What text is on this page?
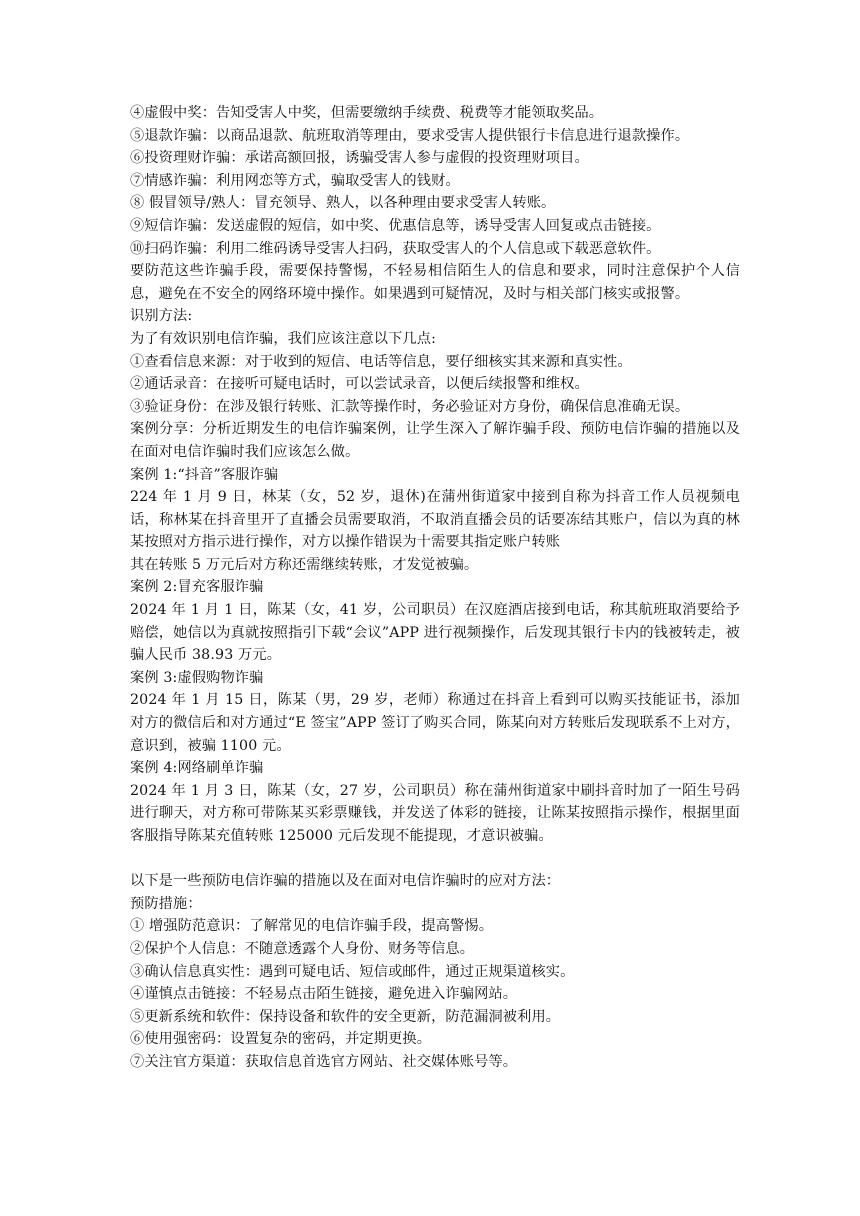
④虚假中奖：告知受害人中奖，但需要缴纳手续费、税费等才能领取奖品。
⑤退款诈骗：以商品退款、航班取消等理由，要求受害人提供银行卡信息进行退款操作。
⑥投资理财诈骗：承诺高额回报，诱骗受害人参与虚假的投资理财项目。
⑦情感诈骗：利用网恋等方式，骗取受害人的钱财。
⑧ 假冒领导/熟人：冒充领导、熟人，以各种理由要求受害人转账。
⑨短信诈骗：发送虚假的短信，如中奖、优惠信息等，诱导受害人回复或点击链接。
⑩扫码诈骗：利用二维码诱导受害人扫码，获取受害人的个人信息或下载恶意软件。

要防范这些诈骗手段，需要保持警惕，不轻易相信陌生人的信息和要求，同时注意保护个人信息，避免在不安全的网络环境中操作。如果遇到可疑情况，及时与相关部门核实或报警。

识别方法:
为了有效识别电信诈骗，我们应该注意以下几点:
①查看信息来源：对于收到的短信、电话等信息，要仔细核实其来源和真实性。
②通话录音：在接听可疑电话时，可以尝试录音，以便后续报警和维权。
③验证身份：在涉及银行转账、汇款等操作时，务必验证对方身份，确保信息准确无误。

案例分享：分析近期发生的电信诈骗案例，让学生深入了解诈骗手段、预防电信诈骗的措施以及在面对电信诈骗时我们应该怎么做。

案例 1:“抖音”客服诈骗

224 年 1 月 9 日，林某（女，52 岁，退休)在蒲州街道家中接到自称为抖音工作人员视频电话，称林某在抖音里开了直播会员需要取消，不取消直播会员的话要冻结其账户，信以为真的林某按照对方指示进行操作，对方以操作错误为十需要其指定账户转账

其在转账 5 万元后对方称还需继续转账，才发觉被骗。
案例 2:冒充客服诈骗

2024 年 1 月 1 日，陈某（女，41 岁，公司职员）在汉庭酒店接到电话，称其航班取消要给予赔偿，她信以为真就按照指引下载“会议”APP 进行视频操作，后发现其银行卡内的钱被转走，被骗人民币 38.93 万元。

案例 3:虚假购物诈骗

2024 年 1 月 15 日，陈某（男，29 岁，老师）称通过在抖音上看到可以购买技能证书，添加对方的微信后和对方通过“E 签宝”APP 签订了购买合同，陈某向对方转账后发现联系不上对方，意识到，被骗 1100 元。

案例 4:网络刷单诈骗

2024 年 1 月 3 日，陈某（女，27 岁，公司职员）称在蒲州街道家中刷抖音时加了一陌生号码进行聊天，对方称可带陈某买彩票赚钱，并发送了体彩的链接，让陈某按照指示操作，根据里面客服指导陈某充值转账 125000 元后发现不能提现，才意识被骗。

以下是一些预防电信诈骗的措施以及在面对电信诈骗时的应对方法：
预防措施：
① 增强防范意识：了解常见的电信诈骗手段，提高警惕。
②保护个人信息：不随意透露个人身份、财务等信息。
③确认信息真实性：遇到可疑电话、短信或邮件，通过正规渠道核实。
④谨慎点击链接：不轻易点击陌生链接，避免进入诈骗网站。
⑤更新系统和软件：保持设备和软件的安全更新，防范漏洞被利用。
⑥使用强密码：设置复杂的密码，并定期更换。
⑦关注官方渠道：获取信息首选官方网站、社交媒体账号等。
